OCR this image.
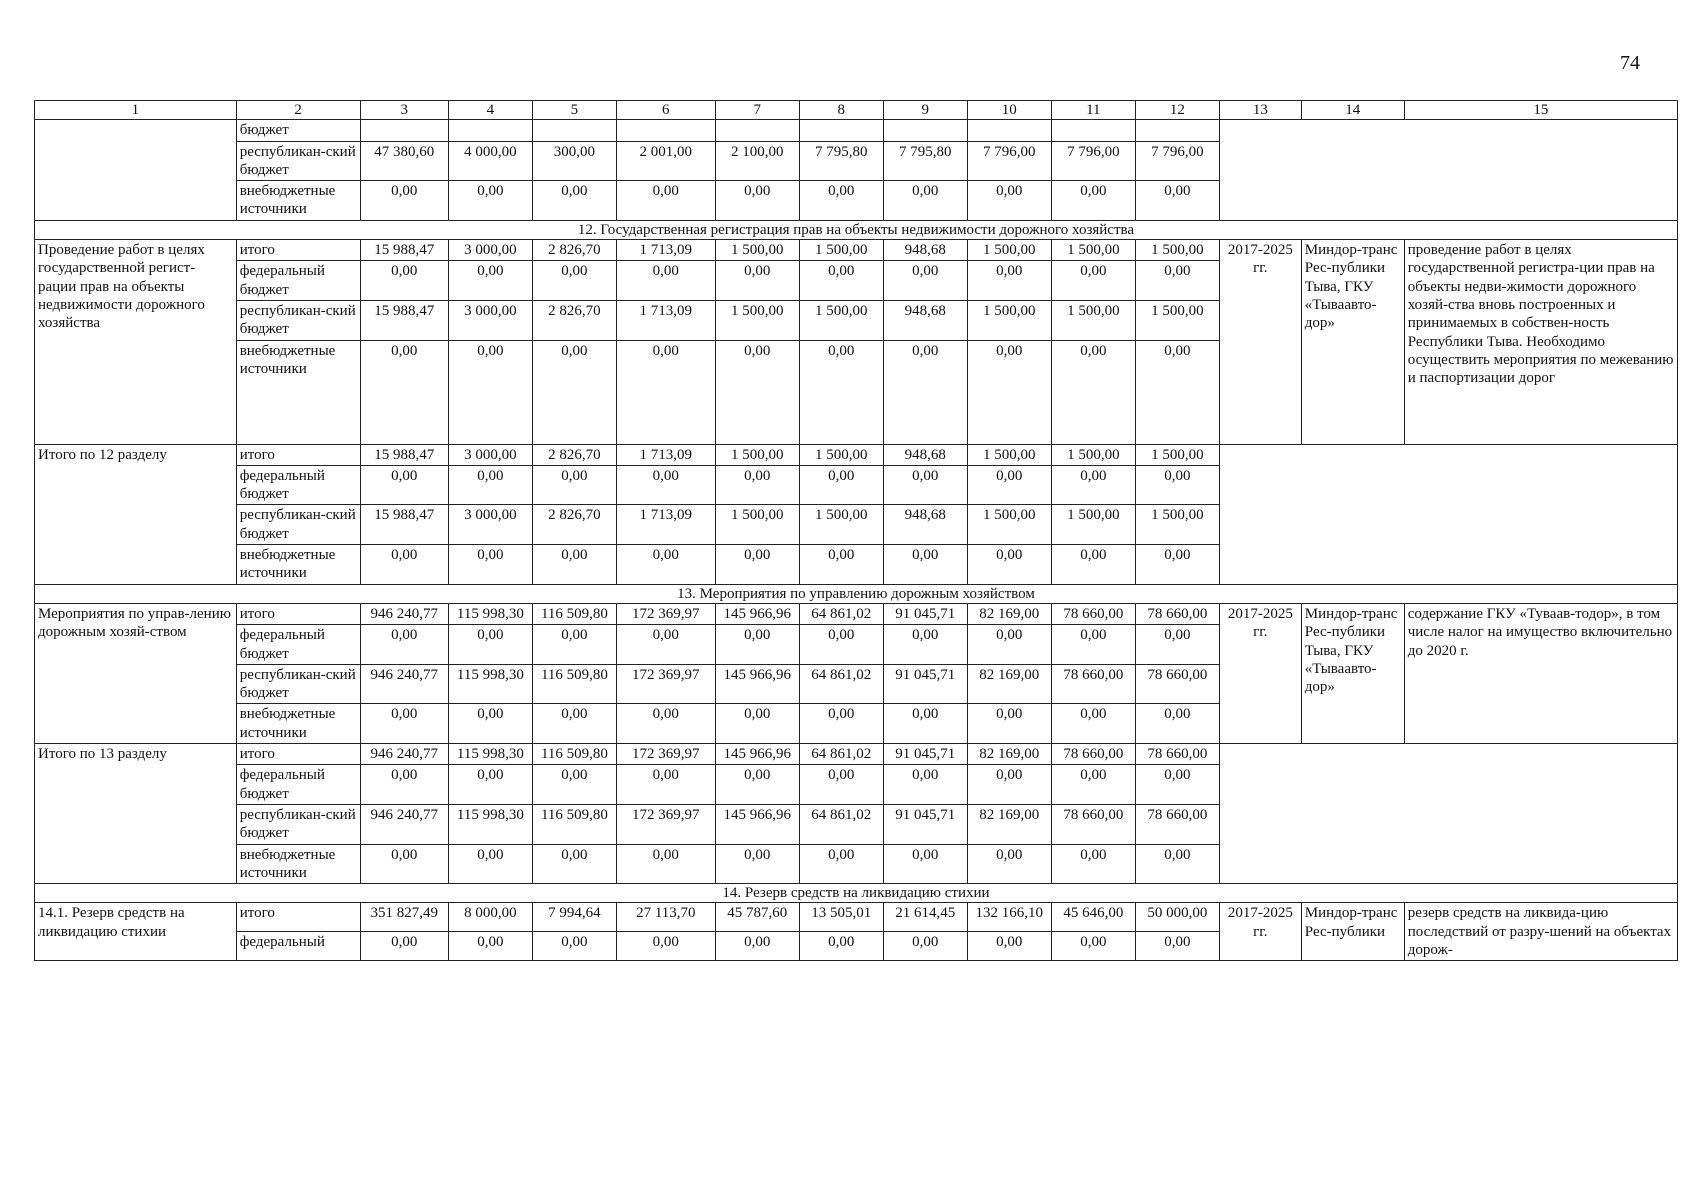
74
1	2	3	4	5	6	7	8	9	10	11	12	13	14	15
	бюджет													
	республикан-ский бюджет	47 380,60	4 000,00	300,00	2 001,00	2 100,00	7 795,80	7 795,80	7 796,00	7 796,00	7 796,00			
	внебюджетные источники	0,00	0,00	0,00	0,00	0,00	0,00	0,00	0,00	0,00	0,00			
12. Государственная регистрация прав на объекты недвижимости дорожного хозяйства														
Проведение работ в целях государственной регист-рации прав на объекты недвижимости дорожного хозяйства	итого	15 988,47	3 000,00	2 826,70	1 713,09	1 500,00	1 500,00	948,68	1 500,00	1 500,00	1 500,00	2017-2025 гг.	Миндор-транс Рес-публики Тыва, ГКУ «Тываавто-дор»	проведение работ в целях государственной регистра-ции прав на объекты недви-жимости дорожного хозяй-ства вновь построенных и принимаемых в собствен-ность Республики Тыва. Необходимо осуществить мероприятия по межеванию и паспортизации дорог
	федеральный бюджет	0,00	0,00	0,00	0,00	0,00	0,00	0,00	0,00	0,00	0,00			
	республикан-ский бюджет	15 988,47	3 000,00	2 826,70	1 713,09	1 500,00	1 500,00	948,68	1 500,00	1 500,00	1 500,00			
	внебюджетные источники	0,00	0,00	0,00	0,00	0,00	0,00	0,00	0,00	0,00	0,00			
Итого по 12 разделу	итого	15 988,47	3 000,00	2 826,70	1 713,09	1 500,00	1 500,00	948,68	1 500,00	1 500,00	1 500,00			
	федеральный бюджет	0,00	0,00	0,00	0,00	0,00	0,00	0,00	0,00	0,00	0,00			
	республикан-ский бюджет	15 988,47	3 000,00	2 826,70	1 713,09	1 500,00	1 500,00	948,68	1 500,00	1 500,00	1 500,00			
	внебюджетные источники	0,00	0,00	0,00	0,00	0,00	0,00	0,00	0,00	0,00	0,00			
13. Мероприятия по управлению дорожным хозяйством														
Мероприятия по управ-лению дорожным хозяй-ством	итого	946 240,77	115 998,30	116 509,80	172 369,97	145 966,96	64 861,02	91 045,71	82 169,00	78 660,00	78 660,00	2017-2025 гг.	Миндор-транс Рес-публики Тыва, ГКУ «Тываавто-дор»	содержание ГКУ «Туваав-тодор», в том числе налог на имущество включительно до 2020 г.
	федеральный бюджет	0,00	0,00	0,00	0,00	0,00	0,00	0,00	0,00	0,00	0,00			
	республикан-ский бюджет	946 240,77	115 998,30	116 509,80	172 369,97	145 966,96	64 861,02	91 045,71	82 169,00	78 660,00	78 660,00			
	внебюджетные источники	0,00	0,00	0,00	0,00	0,00	0,00	0,00	0,00	0,00	0,00			
Итого по 13 разделу	итого	946 240,77	115 998,30	116 509,80	172 369,97	145 966,96	64 861,02	91 045,71	82 169,00	78 660,00	78 660,00			
	федеральный бюджет	0,00	0,00	0,00	0,00	0,00	0,00	0,00	0,00	0,00	0,00			
	республикан-ский бюджет	946 240,77	115 998,30	116 509,80	172 369,97	145 966,96	64 861,02	91 045,71	82 169,00	78 660,00	78 660,00			
	внебюджетные источники	0,00	0,00	0,00	0,00	0,00	0,00	0,00	0,00	0,00	0,00			
14. Резерв средств на ликвидацию стихии														
14.1. Резерв средств на ликвидацию стихии	итого	351 827,49	8 000,00	7 994,64	27 113,70	45 787,60	13 505,01	21 614,45	132 166,10	45 646,00	50 000,00	2017-2025 гг.	Миндор-транс Рес-публики	резерв средств на ликвида-цию последствий от разру-шений на объектах дорож-
	федеральный	0,00	0,00	0,00	0,00	0,00	0,00	0,00	0,00	0,00	0,00			
